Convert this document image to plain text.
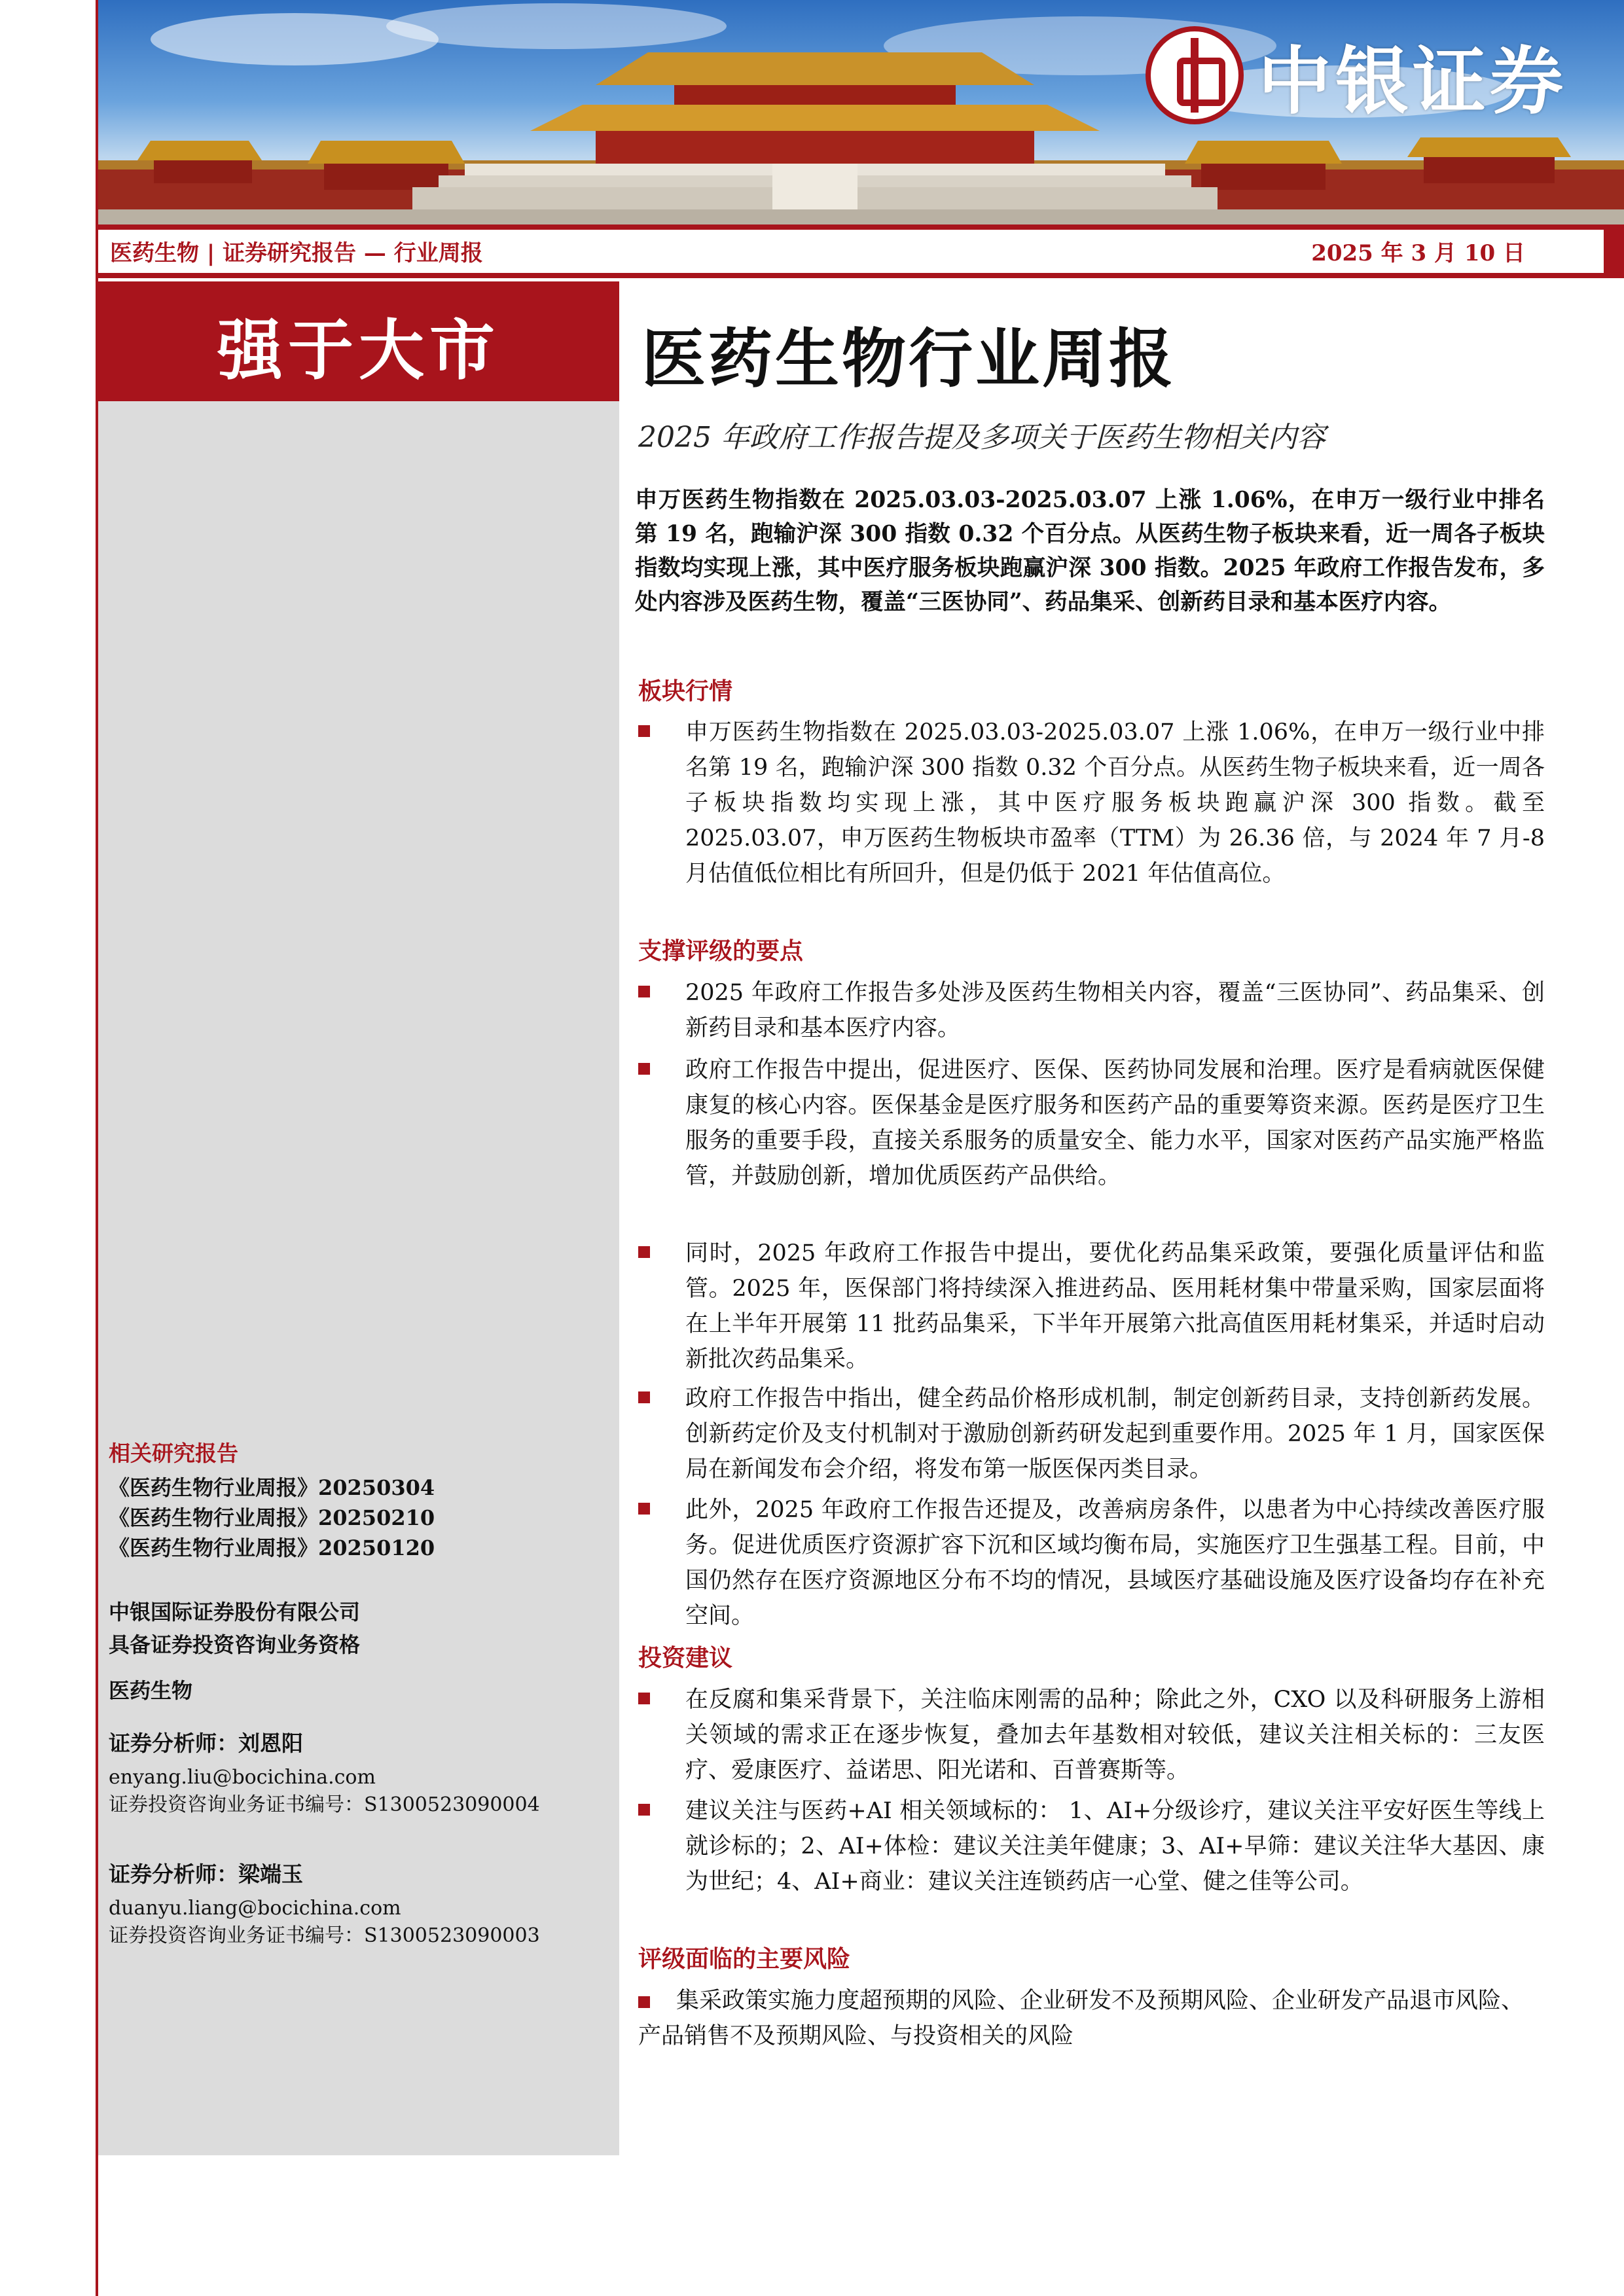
中银证券
医药生物 | 证券研究报告 — 行业周报	2025 年 3 月 10 日
强于大市	医药生物行业周报
2025 年政府工作报告提及多项关于医药生物相关内容
相关研究报告
《医药生物行业周报》20250304
《医药生物行业周报》20250210
《医药生物行业周报》20250120
中银国际证券股份有限公司
具备证券投资咨询业务资格
医药生物
证券分析师：刘恩阳
enyang.liu@bocichina.com
证券投资咨询业务证书编号：S1300523090004
证券分析师：梁端玉
duanyu.liang@bocichina.com
证券投资咨询业务证书编号：S1300523090003
申万医药生物指数在 2025.03.03-2025.03.07 上涨 1.06%，在申万一级行业中排名第 19 名，跑输沪深 300 指数 0.32 个百分点。从医药生物子板块来看，近一周各子板块指数均实现上涨，其中医疗服务板块跑赢沪深 300 指数。2025 年政府工作报告发布，多处内容涉及医药生物，覆盖“三医协同”、药品集采、创新药目录和基本医疗内容。
板块行情
申万医药生物指数在 2025.03.03-2025.03.07 上涨 1.06%，在申万一级行业中排名第 19 名，跑输沪深 300 指数 0.32 个百分点。从医药生物子板块来看，近一周各子板块指数均实现上涨，其中医疗服务板块跑赢沪深 300 指数。截至 2025.03.07，申万医药生物板块市盈率（TTM）为 26.36 倍，与 2024 年 7 月-8 月估值低位相比有所回升，但是仍低于 2021 年估值高位。
支撑评级的要点
2025 年政府工作报告多处涉及医药生物相关内容，覆盖“三医协同”、药品集采、创新药目录和基本医疗内容。
政府工作报告中提出，促进医疗、医保、医药协同发展和治理。医疗是看病就医保健康复的核心内容。医保基金是医疗服务和医药产品的重要筹资来源。医药是医疗卫生服务的重要手段，直接关系服务的质量安全、能力水平，国家对医药产品实施严格监管，并鼓励创新，增加优质医药产品供给。
同时，2025 年政府工作报告中提出，要优化药品集采政策，要强化质量评估和监管。2025 年，医保部门将持续深入推进药品、医用耗材集中带量采购，国家层面将在上半年开展第 11 批药品集采，下半年开展第六批高值医用耗材集采，并适时启动新批次药品集采。
政府工作报告中指出，健全药品价格形成机制，制定创新药目录，支持创新药发展。创新药定价及支付机制对于激励创新药研发起到重要作用。2025 年 1 月，国家医保局在新闻发布会介绍，将发布第一版医保丙类目录。
此外，2025 年政府工作报告还提及，改善病房条件，以患者为中心持续改善医疗服务。促进优质医疗资源扩容下沉和区域均衡布局，实施医疗卫生强基工程。目前，中国仍然存在医疗资源地区分布不均的情况，县域医疗基础设施及医疗设备均存在补充空间。
投资建议
在反腐和集采背景下，关注临床刚需的品种；除此之外，CXO 以及科研服务上游相关领域的需求正在逐步恢复，叠加去年基数相对较低，建议关注相关标的：三友医疗、爱康医疗、益诺思、阳光诺和、百普赛斯等。
建议关注与医药+AI 相关领域标的： 1、AI+分级诊疗，建议关注平安好医生等线上就诊标的；2、AI+体检：建议关注美年健康；3、AI+早筛：建议关注华大基因、康为世纪；4、AI+商业：建议关注连锁药店一心堂、健之佳等公司。
评级面临的主要风险
集采政策实施力度超预期的风险、企业研发不及预期风险、企业研发产品退市风险、产品销售不及预期风险、与投资相关的风险
